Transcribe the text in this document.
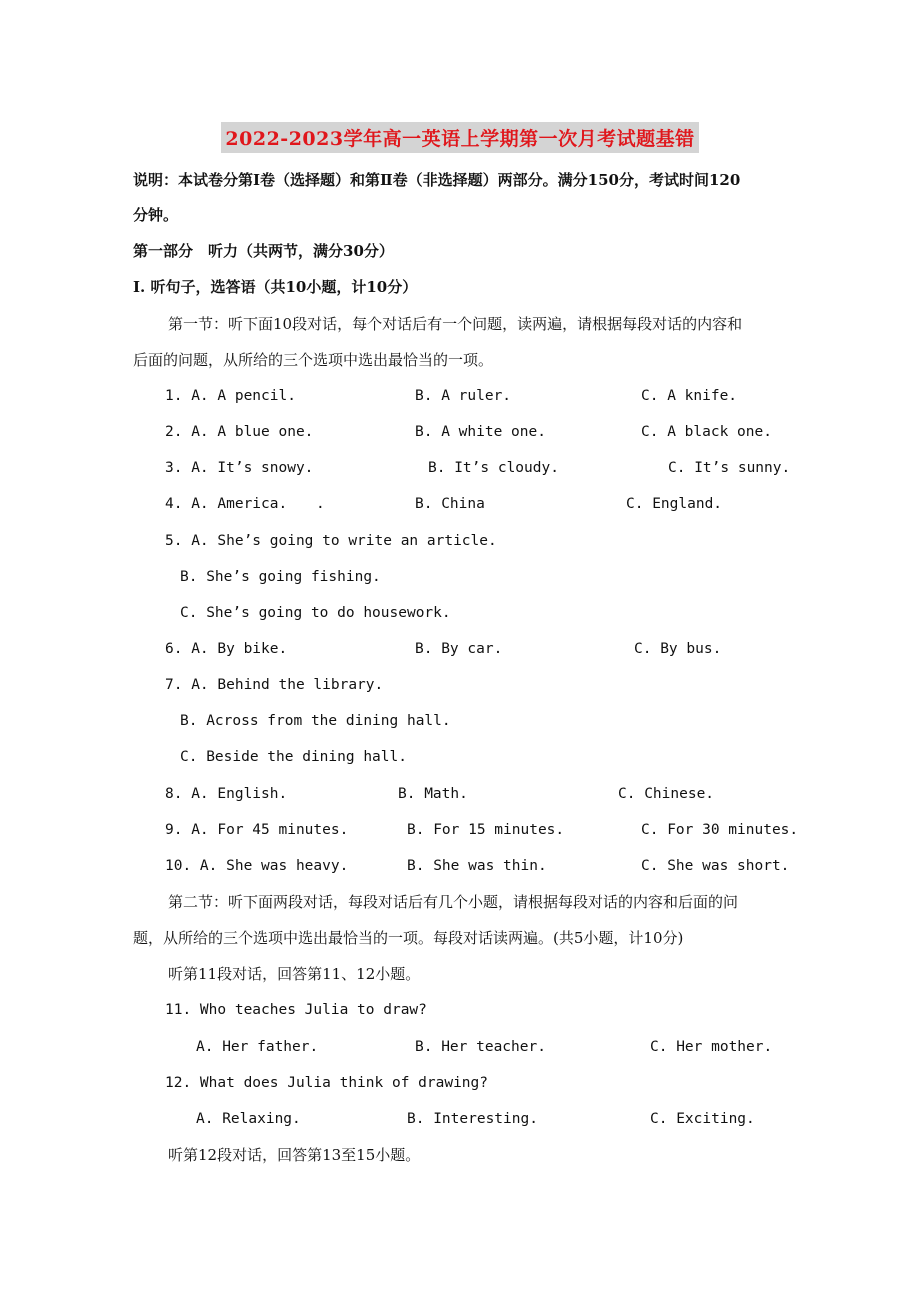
2022-2023学年高一英语上学期第一次月考试题基错
说明：本试卷分第Ⅰ卷（选择题）和第Ⅱ卷（非选择题）两部分。满分150分，考试时间120
分钟。
第一部分　听力（共两节，满分30分）
I. 听句子，选答语（共10小题，计10分）
第一节：听下面10段对话，每个对话后有一个问题，读两遍，请根据每段对话的内容和
后面的问题，从所给的三个选项中选出最恰当的一项。
1. A. A pencil.	B. A ruler.	C. A knife.
2. A. A blue one.	B. A white one.	C. A black one.
3. A. It’s snowy.	B. It’s cloudy.	C. It’s sunny.
4. A. America. .	B. China	C. England.
5. A. She’s going to write an article.
B. She’s going fishing.
C. She’s going to do housework.
6. A. By bike.	B. By car.	C. By bus.
7. A. Behind the library.
B. Across from the dining hall.
C. Beside the dining hall.
8. A. English.	B. Math.	C. Chinese.
9. A. For 45 minutes.	B. For 15 minutes.	C. For 30 minutes.
10. A. She was heavy.	B. She was thin.	C. She was short.
第二节：听下面两段对话，每段对话后有几个小题，请根据每段对话的内容和后面的问
题，从所给的三个选项中选出最恰当的一项。每段对话读两遍。(共5小题，计10分)
听第11段对话，回答第11、12小题。
11. Who teaches Julia to draw?
A. Her father.	B. Her teacher.	C. Her mother.
12. What does Julia think of drawing?
A. Relaxing.	B. Interesting.	C. Exciting.
听第12段对话，回答第13至15小题。
